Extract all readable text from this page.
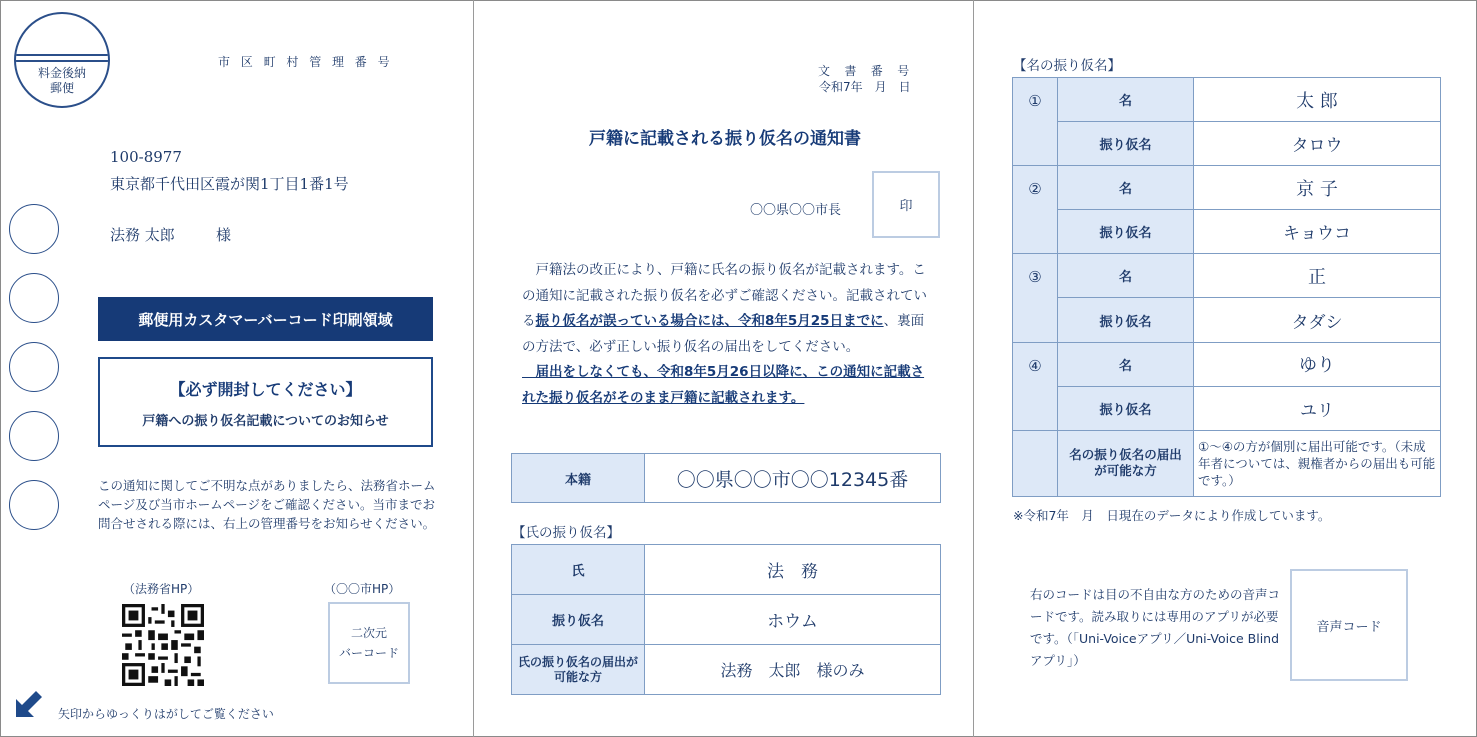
料金後納
郵便
市区町村管理番号
100-8977
東京都千代田区霞が関1丁目1番1号
法務 太郎	様
郵便用カスタマーバーコード印刷領域
【必ず開封してください】
戸籍への振り仮名記載についてのお知らせ
この通知に関してご不明な点がありましたら、法務省ホームページ及び当市ホームページをご確認ください。当市までお問合せされる際には、右上の管理番号をお知らせください。
（法務省HP）	（〇〇市HP）
二次元
バーコード
矢印からゆっくりはがしてご覧ください
文書番号
令和7年　月　日
戸籍に記載される振り仮名の通知書
〇〇県〇〇市長	印
　戸籍法の改正により、戸籍に氏名の振り仮名が記載されます。この通知に記載された振り仮名を必ずご確認ください。記載されている振り仮名が誤っている場合には、令和8年5月25日までに、裏面の方法で、必ず正しい振り仮名の届出をしてください。
　届出をしなくても、令和8年5月26日以降に、この通知に記載された振り仮名がそのまま戸籍に記載されます。
本籍	〇〇県〇〇市〇〇12345番
【氏の振り仮名】
氏	法　務
振り仮名	ホウム
氏の振り仮名の届出が可能な方	法務　太郎　様のみ
【名の振り仮名】
①	名	太 郎
	振り仮名	タロウ
②	名	京 子
	振り仮名	キョウコ
③	名	正
	振り仮名	タダシ
④	名	ゆり
	振り仮名	ユリ
	名の振り仮名の届出が可能な方	①～④の方が個別に届出可能です。（未成年者については、親権者からの届出も可能です。）
※令和7年　月　日現在のデータにより作成しています。
右のコードは目の不自由な方のための音声コードです。読み取りには専用のアプリが必要です。（「Uni-Voiceアプリ／Uni-Voice Blindアプリ」）
音声コード
